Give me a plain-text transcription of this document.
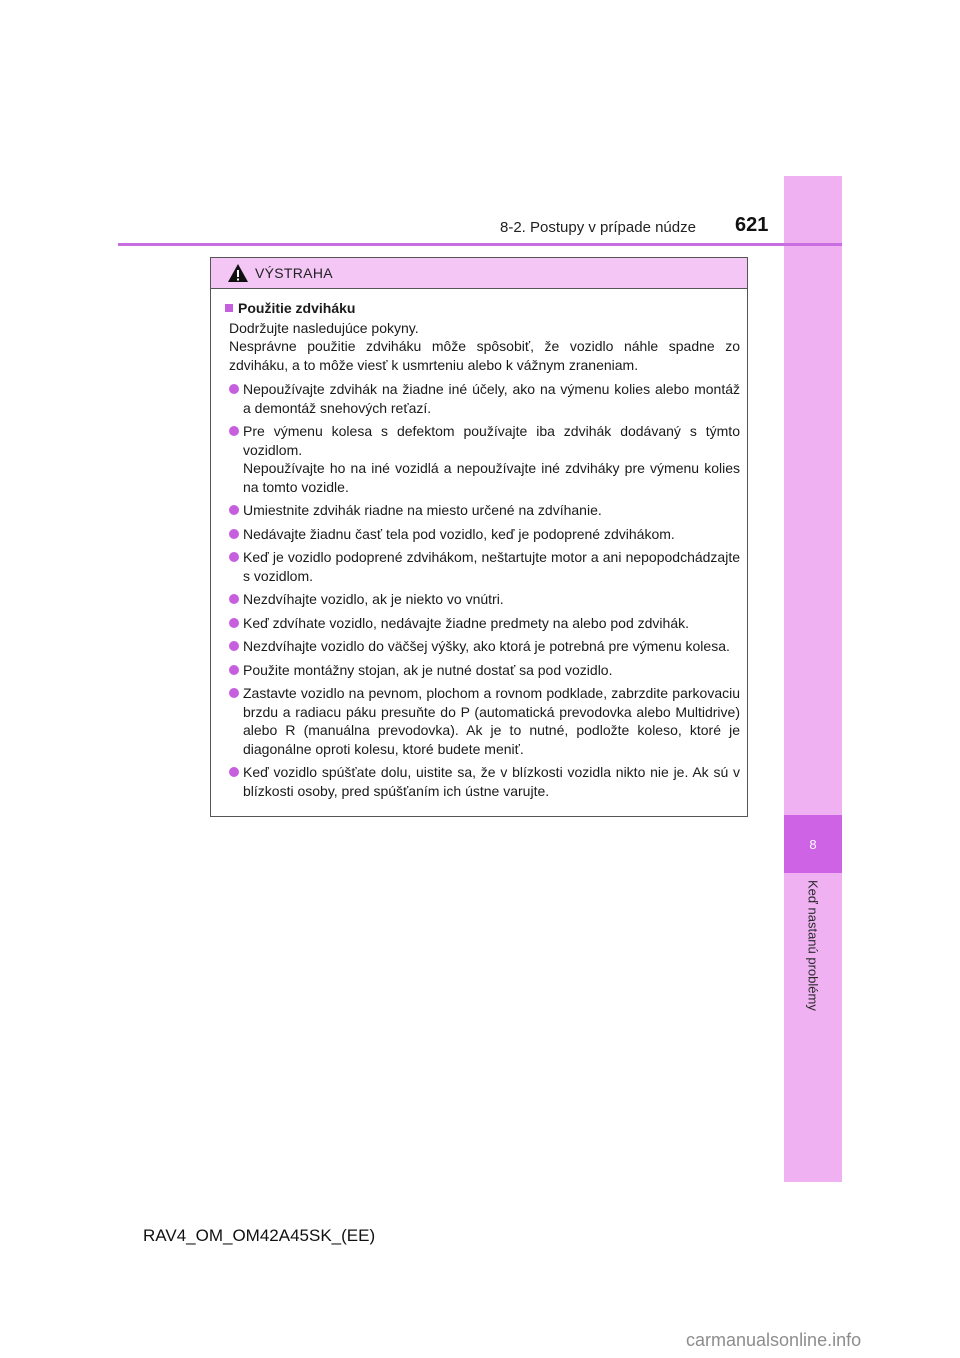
8
Keď nastanú problémy
8-2. Postupy v prípade núdze 621
VÝSTRAHA
Použitie zdviháku

Dodržujte nasledujúce pokyny.

Nesprávne použitie zdviháku môže spôsobiť, že vozidlo náhle spadne zo zdviháku, a to môže viesť k usmrteniu alebo k vážnym zraneniam.

Nepoužívajte zdvihák na žiadne iné účely, ako na výmenu kolies alebo montáž a demontáž snehových reťazí.
Pre výmenu kolesa s defektom používajte iba zdvihák dodávaný s týmto vozidlom.
Nepoužívajte ho na iné vozidlá a nepoužívajte iné zdviháky pre výmenu kolies na tomto vozidle.
Umiestnite zdvihák riadne na miesto určené na zdvíhanie.
Nedávajte žiadnu časť tela pod vozidlo, keď je podoprené zdvihákom.
Keď je vozidlo podoprené zdvihákom, neštartujte motor a ani nepopodchádzajte s vozidlom.
Nezdvíhajte vozidlo, ak je niekto vo vnútri.
Keď zdvíhate vozidlo, nedávajte žiadne predmety na alebo pod zdvihák.
Nezdvíhajte vozidlo do väčšej výšky, ako ktorá je potrebná pre výmenu kolesa.
Použite montážny stojan, ak je nutné dostať sa pod vozidlo.
Zastavte vozidlo na pevnom, plochom a rovnom podklade, zabrzdite parkovaciu brzdu a radiacu páku presuňte do P (automatická prevodovka alebo Multidrive) alebo R (manuálna prevodovka). Ak je to nutné, podložte koleso, ktoré je diagonálne oproti kolesu, ktoré budete meniť.
Keď vozidlo spúšťate dolu, uistite sa, že v blízkosti vozidla nikto nie je. Ak sú v blízkosti osoby, pred spúšťaním ich ústne varujte.
RAV4_OM_OM42A45SK_(EE)
carmanualsonline.info
